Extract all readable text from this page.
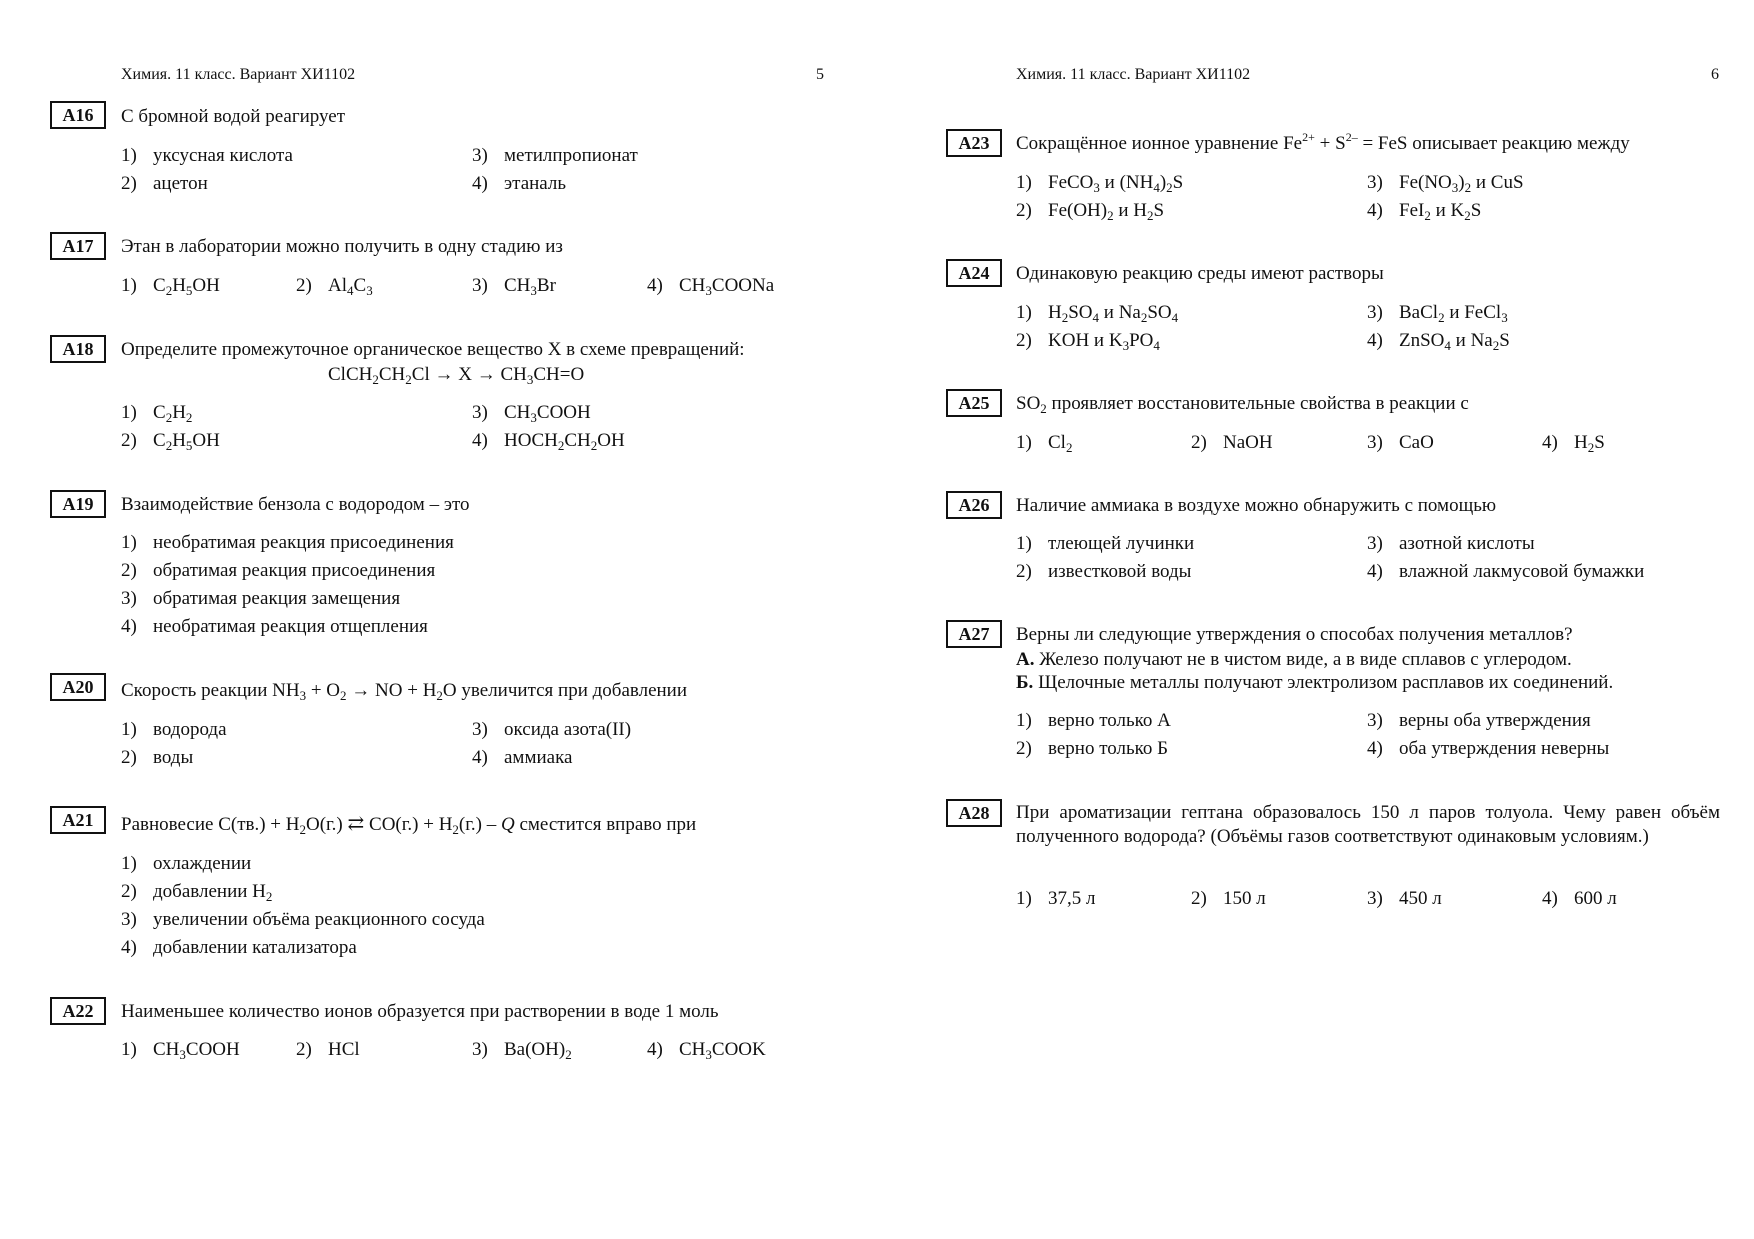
Химия. 11 класс. Вариант ХИ1102	5
А16	С бромной водой реагирует
1) уксусная кислота
2) ацетон
3) метилпропионат
4) этаналь
А17	Этан в лаборатории можно получить в одну стадию из
1) $C_2H_5OH$	2) $Al_4C_3$	3) $CH_3Br$	4) $CH_3COONa$
А18	Определите промежуточное органическое вещество X в схеме превращений:
$ClCH_2CH_2Cl \to X \to CH_3CH=O$
1) $C_2H_2$
2) $C_2H_5OH$
3) $CH_3COOH$
4) $HOCH_2CH_2OH$
А19	Взаимодействие бензола с водородом – это
1) необратимая реакция присоединения
2) обратимая реакция присоединения
3) обратимая реакция замещения
4) необратимая реакция отщепления
А20	Скорость реакции $NH_3 + O_2$ → NO + $H_2O$ увеличится при добавлении
1) водорода
2) воды
3) оксида азота(II)
4) аммиака
А21	Равновесие $C(тв.) + H_2O(г.)$ ⇄ $CO(г.) + H_2(г.) - Q$ сместится вправо при
1) охлаждении
2) добавлении $H_2$
3) увеличении объёма реакционного сосуда
4) добавлении катализатора
А22	Наименьшее количество ионов образуется при растворении в воде 1 моль
1) $CH_3COOH$	2) HCl	3) $Ba(OH)_2$	4) $CH_3COOK$
Химия. 11 класс. Вариант ХИ1102	6
А23	Сокращённое ионное уравнение $Fe^{2+} + S^{2-}$ = FeS описывает реакцию между
1) FeCO$_3$ и $(NH_4)_2S$
2) $Fe(OH)_2$ и $H_2S$
3) $Fe(NO_3)_2$ и CuS
4) FeI$_2$ и $K_2S$
А24	Одинаковую реакцию среды имеют растворы
1) $H_2SO_4$ и $Na_2SO_4$
2) KOH и $K_3PO_4$
3) BaCl$_2$ и FeCl$_3$
4) ZnSO$_4$ и $Na_2S$
А25	$SO_2$ проявляет восстановительные свойства в реакции с
1) $Cl_2$	2) NaOH	3) CaO	4) $H_2S$
А26	Наличие аммиака в воздухе можно обнаружить с помощью
1) тлеющей лучинки
2) известковой воды
3) азотной кислоты
4) влажной лакмусовой бумажки
А27	Верны ли следующие утверждения о способах получения металлов?
А. Железо получают не в чистом виде, а в виде сплавов с углеродом.
Б. Щелочные металлы получают электролизом расплавов их соединений.
1) верно только А
2) верно только Б
3) верны оба утверждения
4) оба утверждения неверны
А28	При ароматизации гептана образовалось 150 л паров толуола. Чему равен объём полученного водорода? (Объёмы газов соответствуют одинаковым условиям.)
1) 37,5 л	2) 150 л	3) 450 л	4) 600 л
